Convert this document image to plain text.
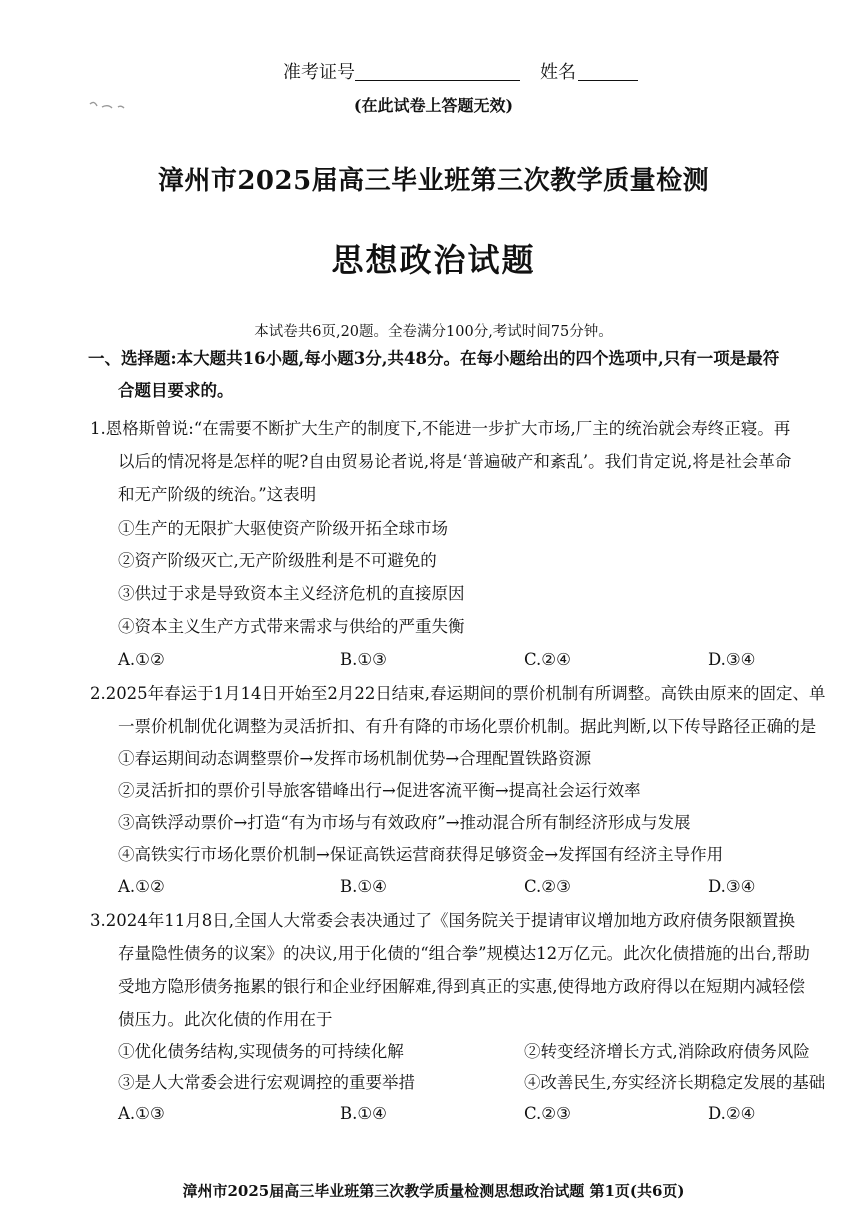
准考证号	姓名
(在此试卷上答题无效)
漳州市2025届高三毕业班第三次教学质量检测
思想政治试题
本试卷共6页,20题。全卷满分100分,考试时间75分钟。
一、选择题:本大题共16小题,每小题3分,共48分。在每小题给出的四个选项中,只有一项是最符
合题目要求的。
1.恩格斯曾说:“在需要不断扩大生产的制度下,不能进一步扩大市场,厂主的统治就会寿终正寝。再
以后的情况将是怎样的呢?自由贸易论者说,将是‘普遍破产和紊乱’。我们肯定说,将是社会革命
和无产阶级的统治。”这表明
①生产的无限扩大驱使资产阶级开拓全球市场
②资产阶级灭亡,无产阶级胜利是不可避免的
③供过于求是导致资本主义经济危机的直接原因
④资本主义生产方式带来需求与供给的严重失衡
A.①②	B.①③	C.②④	D.③④
2.2025年春运于1月14日开始至2月22日结束,春运期间的票价机制有所调整。高铁由原来的固定、单
一票价机制优化调整为灵活折扣、有升有降的市场化票价机制。据此判断,以下传导路径正确的是
①春运期间动态调整票价→发挥市场机制优势→合理配置铁路资源
②灵活折扣的票价引导旅客错峰出行→促进客流平衡→提高社会运行效率
③高铁浮动票价→打造“有为市场与有效政府”→推动混合所有制经济形成与发展
④高铁实行市场化票价机制→保证高铁运营商获得足够资金→发挥国有经济主导作用
A.①②	B.①④	C.②③	D.③④
3.2024年11月8日,全国人大常委会表决通过了《国务院关于提请审议增加地方政府债务限额置换
存量隐性债务的议案》的决议,用于化债的“组合拳”规模达12万亿元。此次化债措施的出台,帮助
受地方隐形债务拖累的银行和企业纾困解难,得到真正的实惠,使得地方政府得以在短期内减轻偿
债压力。此次化债的作用在于
①优化债务结构,实现债务的可持续化解	②转变经济增长方式,消除政府债务风险
③是人大常委会进行宏观调控的重要举措	④改善民生,夯实经济长期稳定发展的基础
A.①③	B.①④	C.②③	D.②④
漳州市2025届高三毕业班第三次教学质量检测思想政治试题 第1页(共6页)
